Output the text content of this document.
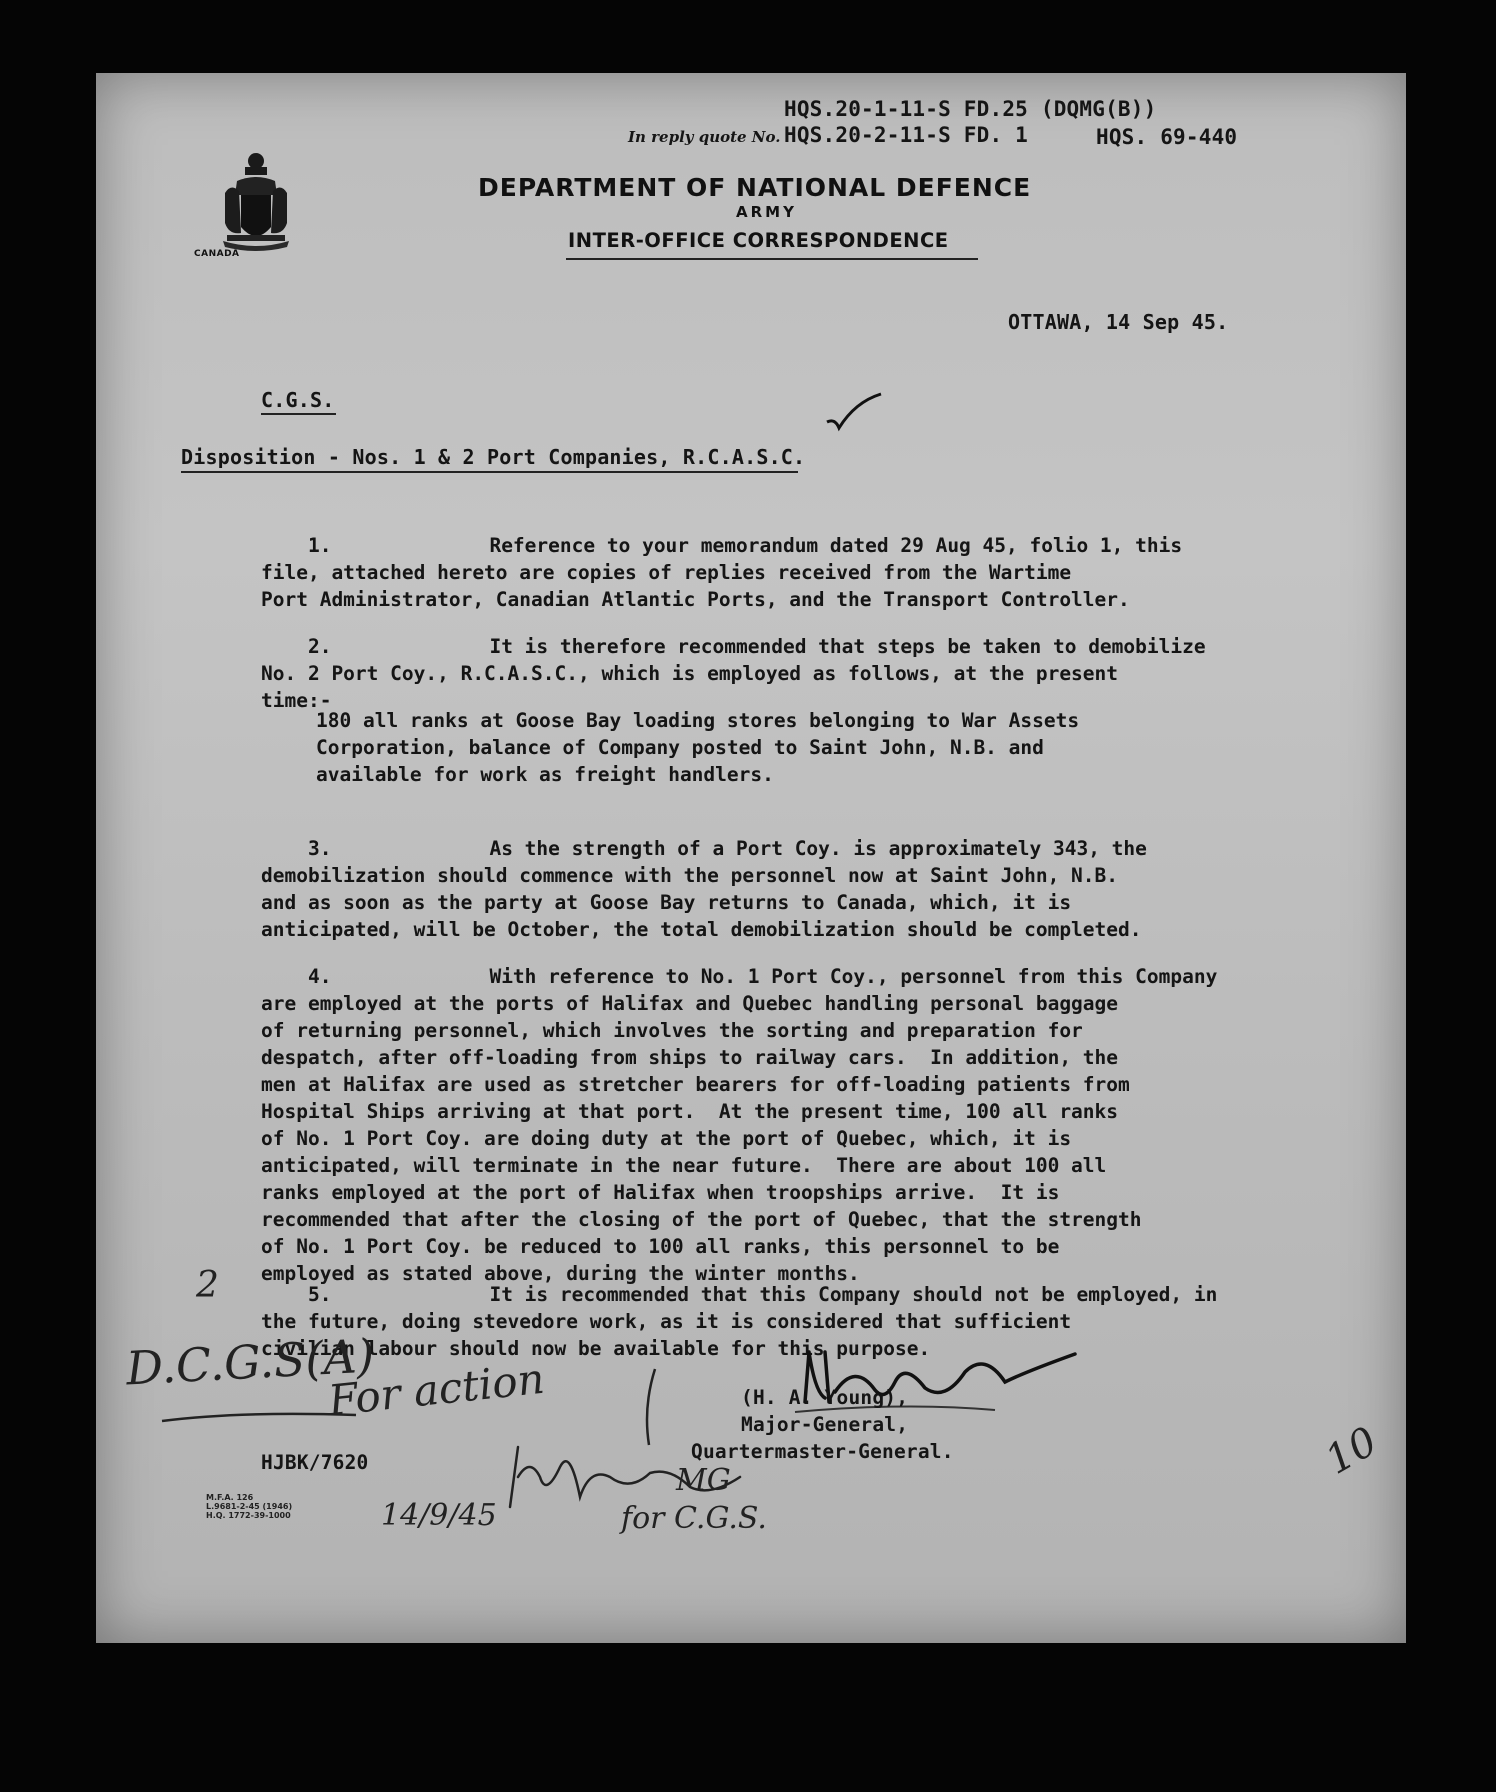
HQS.20-1-11-S FD.25 (DQMG(B))
In reply quote No. HQS.20-2-11-S FD. 1	HQS. 69-440

CANADA
DEPARTMENT OF NATIONAL DEFENCE
ARMY
INTER-OFFICE CORRESPONDENCE
OTTAWA, 14 Sep 45.

C.G.S.
Disposition - Nos. 1 & 2 Port Companies, R.C.A.S.C.

1.	Reference to your memorandum dated 29 Aug 45, folio 1, this
file, attached hereto are copies of replies received from the Wartime
Port Administrator, Canadian Atlantic Ports, and the Transport Controller.

2.	It is therefore recommended that steps be taken to demobilize
No. 2 Port Coy., R.C.A.S.C., which is employed as follows, at the present
time:-
180 all ranks at Goose Bay loading stores belonging to War Assets
Corporation, balance of Company posted to Saint John, N.B. and
available for work as freight handlers.

3.	As the strength of a Port Coy. is approximately 343, the
demobilization should commence with the personnel now at Saint John, N.B.
and as soon as the party at Goose Bay returns to Canada, which, it is
anticipated, will be October, the total demobilization should be completed.

4.	With reference to No. 1 Port Coy., personnel from this Company
are employed at the ports of Halifax and Quebec handling personal baggage
of returning personnel, which involves the sorting and preparation for
despatch, after off-loading from ships to railway cars.  In addition, the
men at Halifax are used as stretcher bearers for off-loading patients from
Hospital Ships arriving at that port.  At the present time, 100 all ranks
of No. 1 Port Coy. are doing duty at the port of Quebec, which, it is
anticipated, will terminate in the near future.  There are about 100 all
ranks employed at the port of Halifax when troopships arrive.  It is
recommended that after the closing of the port of Quebec, that the strength
of No. 1 Port Coy. be reduced to 100 all ranks, this personnel to be
employed as stated above, during the winter months.

5.	It is recommended that this Company should not be employed, in
the future, doing stevedore work, as it is considered that sufficient
civilian labour should now be available for this purpose.
2
D.C.G.S(A)

For action

	(H. A. Young),
Major-General,
Quartermaster-General.
HJBK/7620
M.F.A. 126
L.9681-2-45 (1946)
H.Q. 1772-39-1000	14/9/45
MG
for C.G.S.
10
